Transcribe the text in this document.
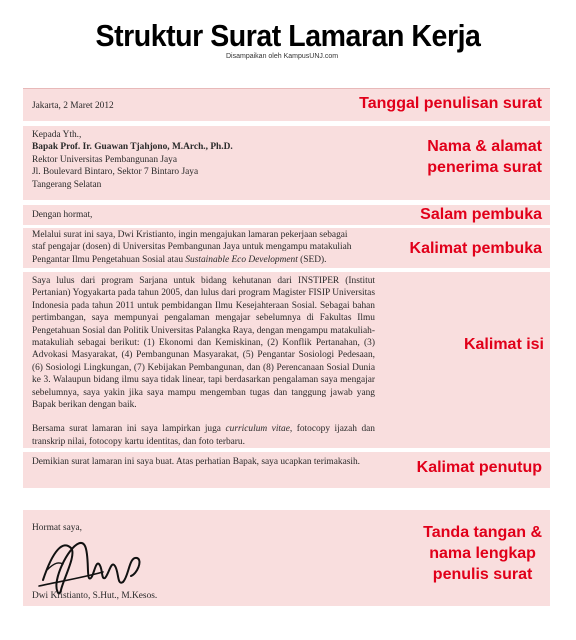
Struktur Surat Lamaran Kerja
Disampaikan oleh KampusUNJ.com
Jakarta, 2 Maret 2012	Tanggal penulisan surat

Kepada Yth.,

Bapak Prof. Ir. Guawan Tjahjono, M.Arch., Ph.D.

Rektor Universitas Pembangunan Jaya

Jl. Boulevard Bintaro, Sektor 7 Bintaro Jaya

Tangerang Selatan

Nama & alamat
penerima surat
Dengan hormat,	Salam pembuka

Melalui surat ini saya, Dwi Kristianto, ingin mengajukan lamaran pekerjaan sebagai

staf pengajar (dosen) di Universitas Pembangunan Jaya untuk mengampu matakuliah

Pengantar Ilmu Pengetahuan Sosial atau Sustainable Eco Development (SED).

Kalimat pembuka

Saya lulus dari program Sarjana untuk bidang kehutanan dari INSTIPER (Institut Pertanian) Yogyakarta pada tahun 2005, dan lulus dari program Magister FISIP Universitas Indonesia pada tahun 2011 untuk pembidangan Ilmu Kesejahteraan Sosial. Sebagai bahan pertimbangan, saya mempunyai pengalaman mengajar sebelumnya di Fakultas Ilmu Pengetahuan Sosial dan Politik Universitas Palangka Raya, dengan mengampu matakuliah-matakuliah sebagai berikut: (1) Ekonomi dan Kemiskinan, (2) Konflik Pertanahan, (3) Advokasi Masyarakat, (4) Pembangunan Masyarakat, (5) Pengantar Sosiologi Pedesaan, (6) Sosiologi Lingkungan, (7) Kebijakan Pembangunan, dan (8) Perencanaan Sosial Dunia ke 3. Walaupun bidang ilmu saya tidak linear, tapi berdasarkan pengalaman saya mengajar sebelumnya, saya yakin jika saya mampu mengemban tugas dan tanggung jawab yang Bapak berikan dengan baik.

Bersama surat lamaran ini saya lampirkan juga curriculum vitae, fotocopy ijazah dan transkrip nilai, fotocopy kartu identitas, dan foto terbaru.

Kalimat isi
Demikian surat lamaran ini saya buat. Atas perhatian Bapak, saya ucapkan terimakasih.	Kalimat penutup
Hormat saya,
Dwi Kristianto, S.Hut., M.Kesos.
Tanda tangan &
nama lengkap
penulis surat
